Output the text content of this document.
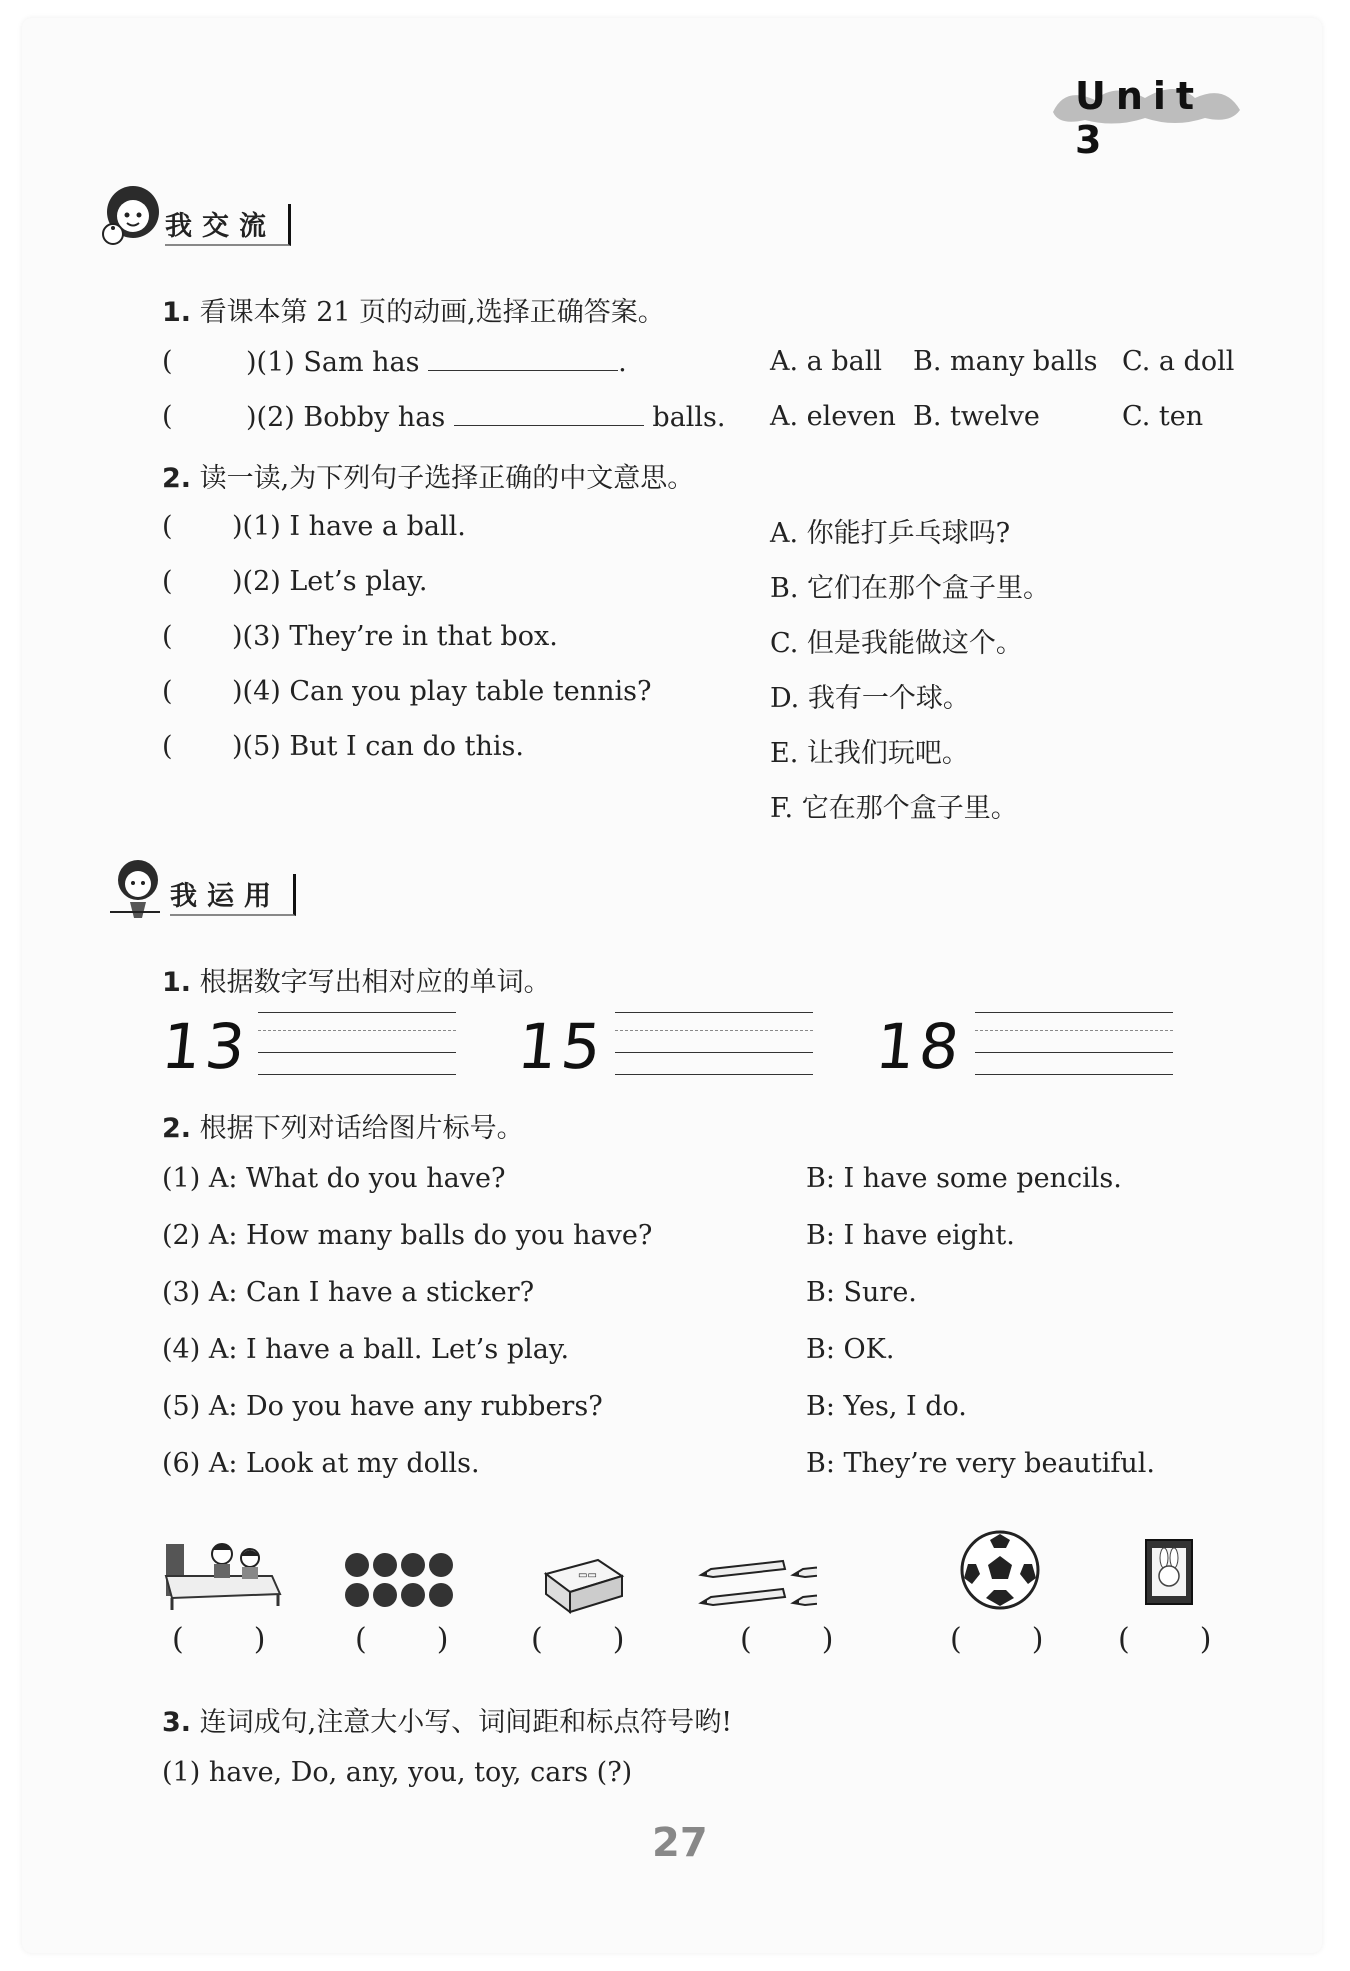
Unit 3
我交流
1. 看课本第 21 页的动画,选择正确答案。
(	)(1) Sam has	.	A. a ball B. many balls C. a doll
(	)(2) Bobby has	balls. A. eleven B. twelve	C. ten
2. 读一读,为下列句子选择正确的中文意思。
( )(1) I have a ball.
( )(2) Let’s play.
( )(3) They’re in that box.
( )(4) Can you play table tennis?
( )(5) But I can do this.
A. 你能打乒乓球吗?
B. 它们在那个盒子里。
C. 但是我能做这个。
D. 我有一个球。
E. 让我们玩吧。
F. 它在那个盒子里。
我运用
1. 根据数字写出相对应的单词。
13	15	18
2. 根据下列对话给图片标号。
(1) A: What do you have?	B: I have some pencils.
(2) A: How many balls do you have?	B: I have eight.
(3) A: Can I have a sticker?	B: Sure.
(4) A: I have a ball. Let’s play.	B: OK.
(5) A: Do you have any rubbers?	B: Yes, I do.
(6) A: Look at my dolls.	B: They’re very beautiful.
▭▭
( )	( )	( )	( )	( ) ( )
3. 连词成句,注意大小写、词间距和标点符号哟!
(1) have, Do, any, you, toy, cars (?)
27
